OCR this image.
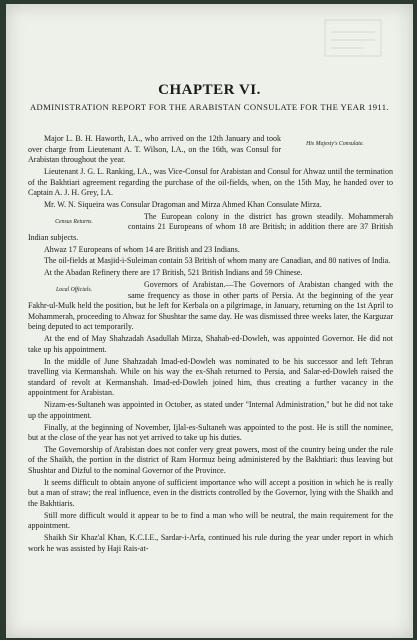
CHAPTER VI.
ADMINISTRATION REPORT FOR THE ARABISTAN CONSULATE FOR THE YEAR 1911.

His Majesty's Consulate.
Major L. B. H. Haworth, I.A., who arrived on the 12th January and took over charge from Lieutenant A. T. Wilson, I.A., on the 16th, was Consul for Arabistan throughout the year.

Lieutenant J. G. L. Ranking, I.A., was Vice-Consul for Arabistan and Consul for Ahwaz until the termination of the Bakhtiari agreement regarding the purchase of the oil-fields, when, on the 15th May, he handed over to Captain A. J. H. Grey, I.A.

Mr. W. N. Siqueira was Consular Dragoman and Mirza Ahmed Khan Consulate Mirza.

Census Returns.
The European colony in the district has grown steadily. Mohammerah contains 21 Europeans of whom 18 are British; in addition there are 37 British Indian subjects.

Ahwaz 17 Europeans of whom 14 are British and 23 Indians.

The oil-fields at Masjid-i-Suleiman contain 53 British of whom many are Canadian, and 80 natives of India.

At the Abadan Refinery there are 17 British, 521 British Indians and 59 Chinese.

Local Officials.
Governors of Arabistan.—The Governors of Arabistan changed with the same frequency as those in other parts of Persia. At the beginning of the year Fakhr-ul-Mulk held the position, but he left for Kerbala on a pilgrimage, in January, returning on the 1st April to Mohammerah, proceeding to Ahwaz for Shushtar the same day. He was dismissed three weeks later, the Karguzar being deputed to act temporarily.

At the end of May Shahzadah Asadullah Mirza, Shahab-ed-Dowleh, was appointed Governor. He did not take up his appointment.

In the middle of June Shahzadah Imad-ed-Dowleh was nominated to be his successor and left Tehran travelling via Kermanshah. While on his way the ex-Shah returned to Persia, and Salar-ed-Dowleh raised the standard of revolt at Kermanshah. Imad-ed-Dowleh joined him, thus creating a further vacancy in the appointment for Arabistan.

Nizam-es-Sultaneh was appointed in October, as stated under "Internal Administration," but he did not take up the appointment.

Finally, at the beginning of November, Ijlal-es-Sultaneh was appointed to the post. He is still the nominee, but at the close of the year has not yet arrived to take up his duties.

The Governorship of Arabistan does not confer very great powers, most of the country being under the rule of the Shaikh, the portion in the district of Ram Hormuz being administered by the Bakhtiari: thus leaving but Shushtar and Dizful to the nominal Governor of the Province.

It seems difficult to obtain anyone of sufficient importance who will accept a position in which he is really but a man of straw; the real influence, even in the districts controlled by the Governor, lying with the Shaikh and the Bakhtiaris.

Still more difficult would it appear to be to find a man who will be neutral, the main requirement for the appointment.

Shaikh Sir Khaz'al Khan, K.C.I.E., Sardar-i-Arfa, continued his rule during the year under report in which work he was assisted by Haji Rais-at-
